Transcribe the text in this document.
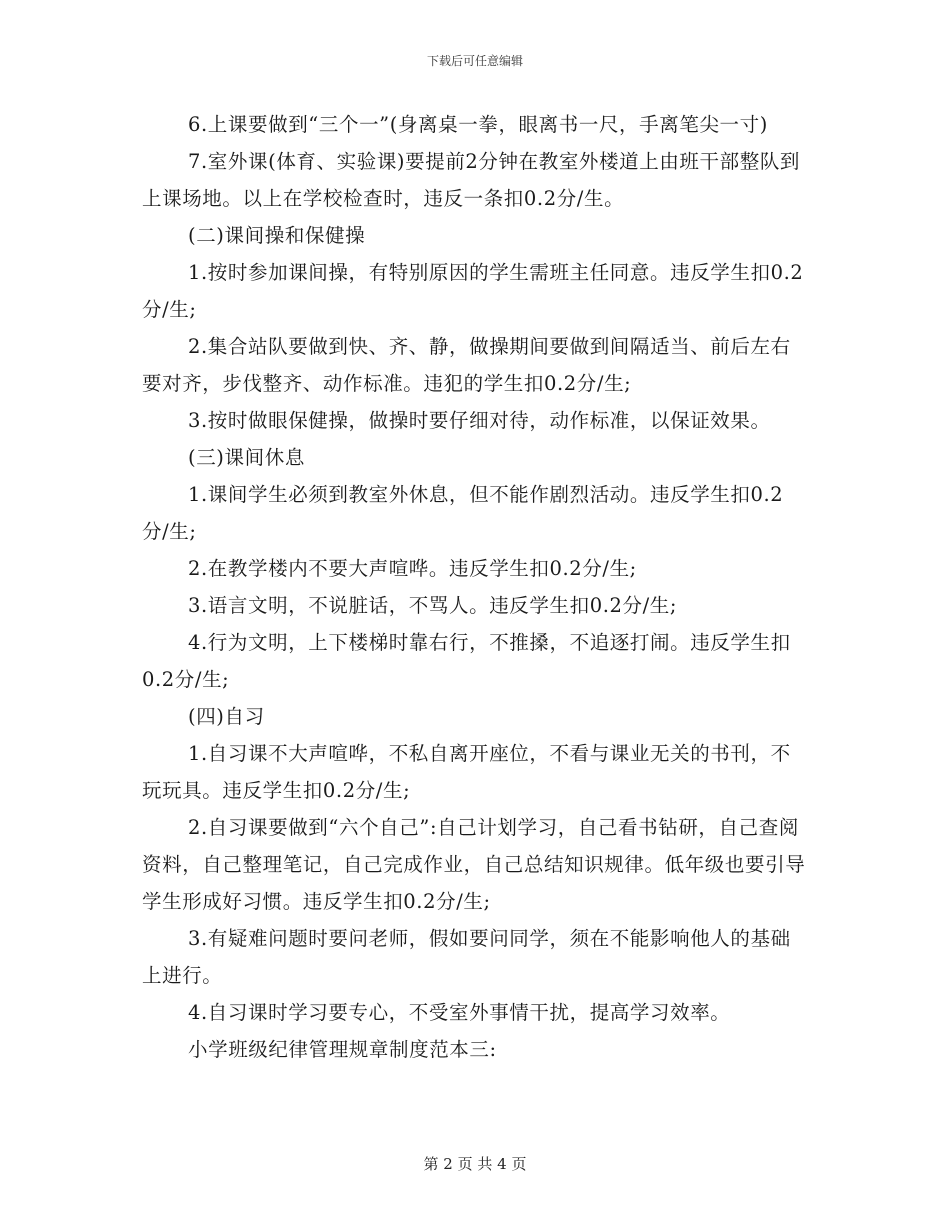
下载后可任意编辑

6.上课要做到“三个一”(身离桌一拳，眼离书一尺，手离笔尖一寸)

7.室外课(体育、实验课)要提前2分钟在教室外楼道上由班干部整队到上课场地。以上在学校检查时，违反一条扣0.2分/生。

(二)课间操和保健操

1.按时参加课间操，有特别原因的学生需班主任同意。违反学生扣0.2分/生;

2.集合站队要做到快、齐、静，做操期间要做到间隔适当、前后左右要对齐，步伐整齐、动作标准。违犯的学生扣0.2分/生;

3.按时做眼保健操，做操时要仔细对待，动作标准，以保证效果。

(三)课间休息

1.课间学生必须到教室外休息，但不能作剧烈活动。违反学生扣0.2分/生;

2.在教学楼内不要大声喧哗。违反学生扣0.2分/生;

3.语言文明，不说脏话，不骂人。违反学生扣0.2分/生;

4.行为文明，上下楼梯时靠右行，不推搡，不追逐打闹。违反学生扣0.2分/生;

(四)自习

1.自习课不大声喧哗，不私自离开座位，不看与课业无关的书刊，不玩玩具。违反学生扣0.2分/生;

2.自习课要做到“六个自己”:自己计划学习，自己看书钻研，自己查阅资料，自己整理笔记，自己完成作业，自己总结知识规律。低年级也要引导学生形成好习惯。违反学生扣0.2分/生;

3.有疑难问题时要问老师，假如要问同学，须在不能影响他人的基础上进行。

4.自习课时学习要专心，不受室外事情干扰，提高学习效率。

小学班级纪律管理规章制度范本三:

第 2 页 共 4 页
